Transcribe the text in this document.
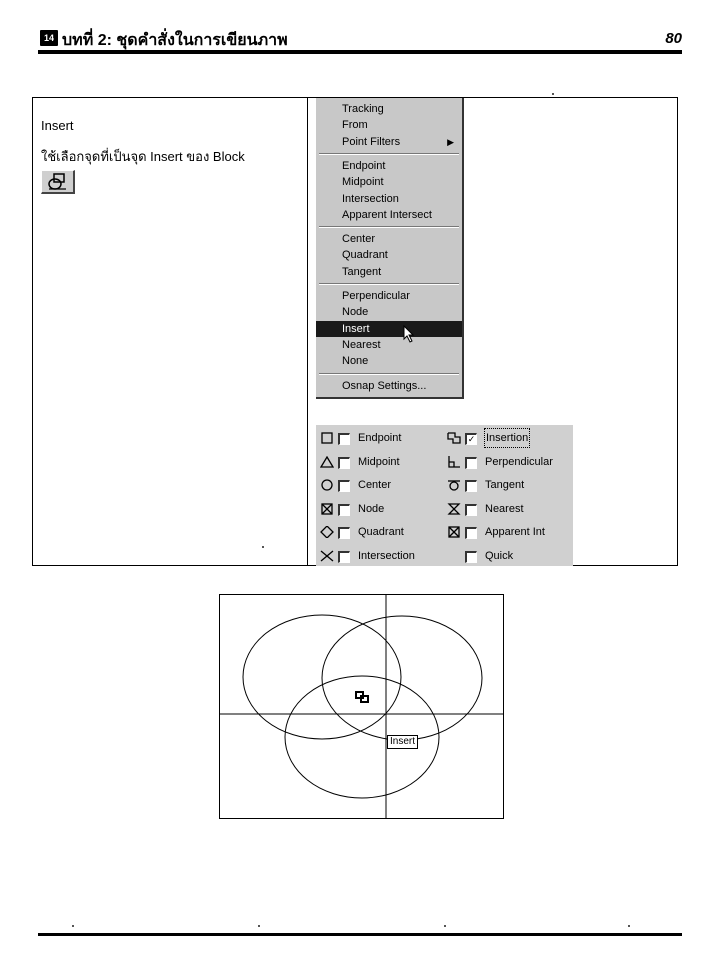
14 บทที่ 2: ชุดคำสั่งในการเขียนภาพ	80
Insert
ใช้เลือกจุดที่เป็นจุด Insert ของ Block
Tracking
From
Point Filters	▶
Endpoint
Midpoint
Intersection
Apparent Intersect
Center
Quadrant
Tangent
Perpendicular
Node
Insert
Nearest
None
Osnap Settings...
Endpoint
Midpoint
Center
Node
Quadrant
Intersection
✓ Insertion
Perpendicular
Tangent
Nearest
Apparent Int
Quick
Insert
